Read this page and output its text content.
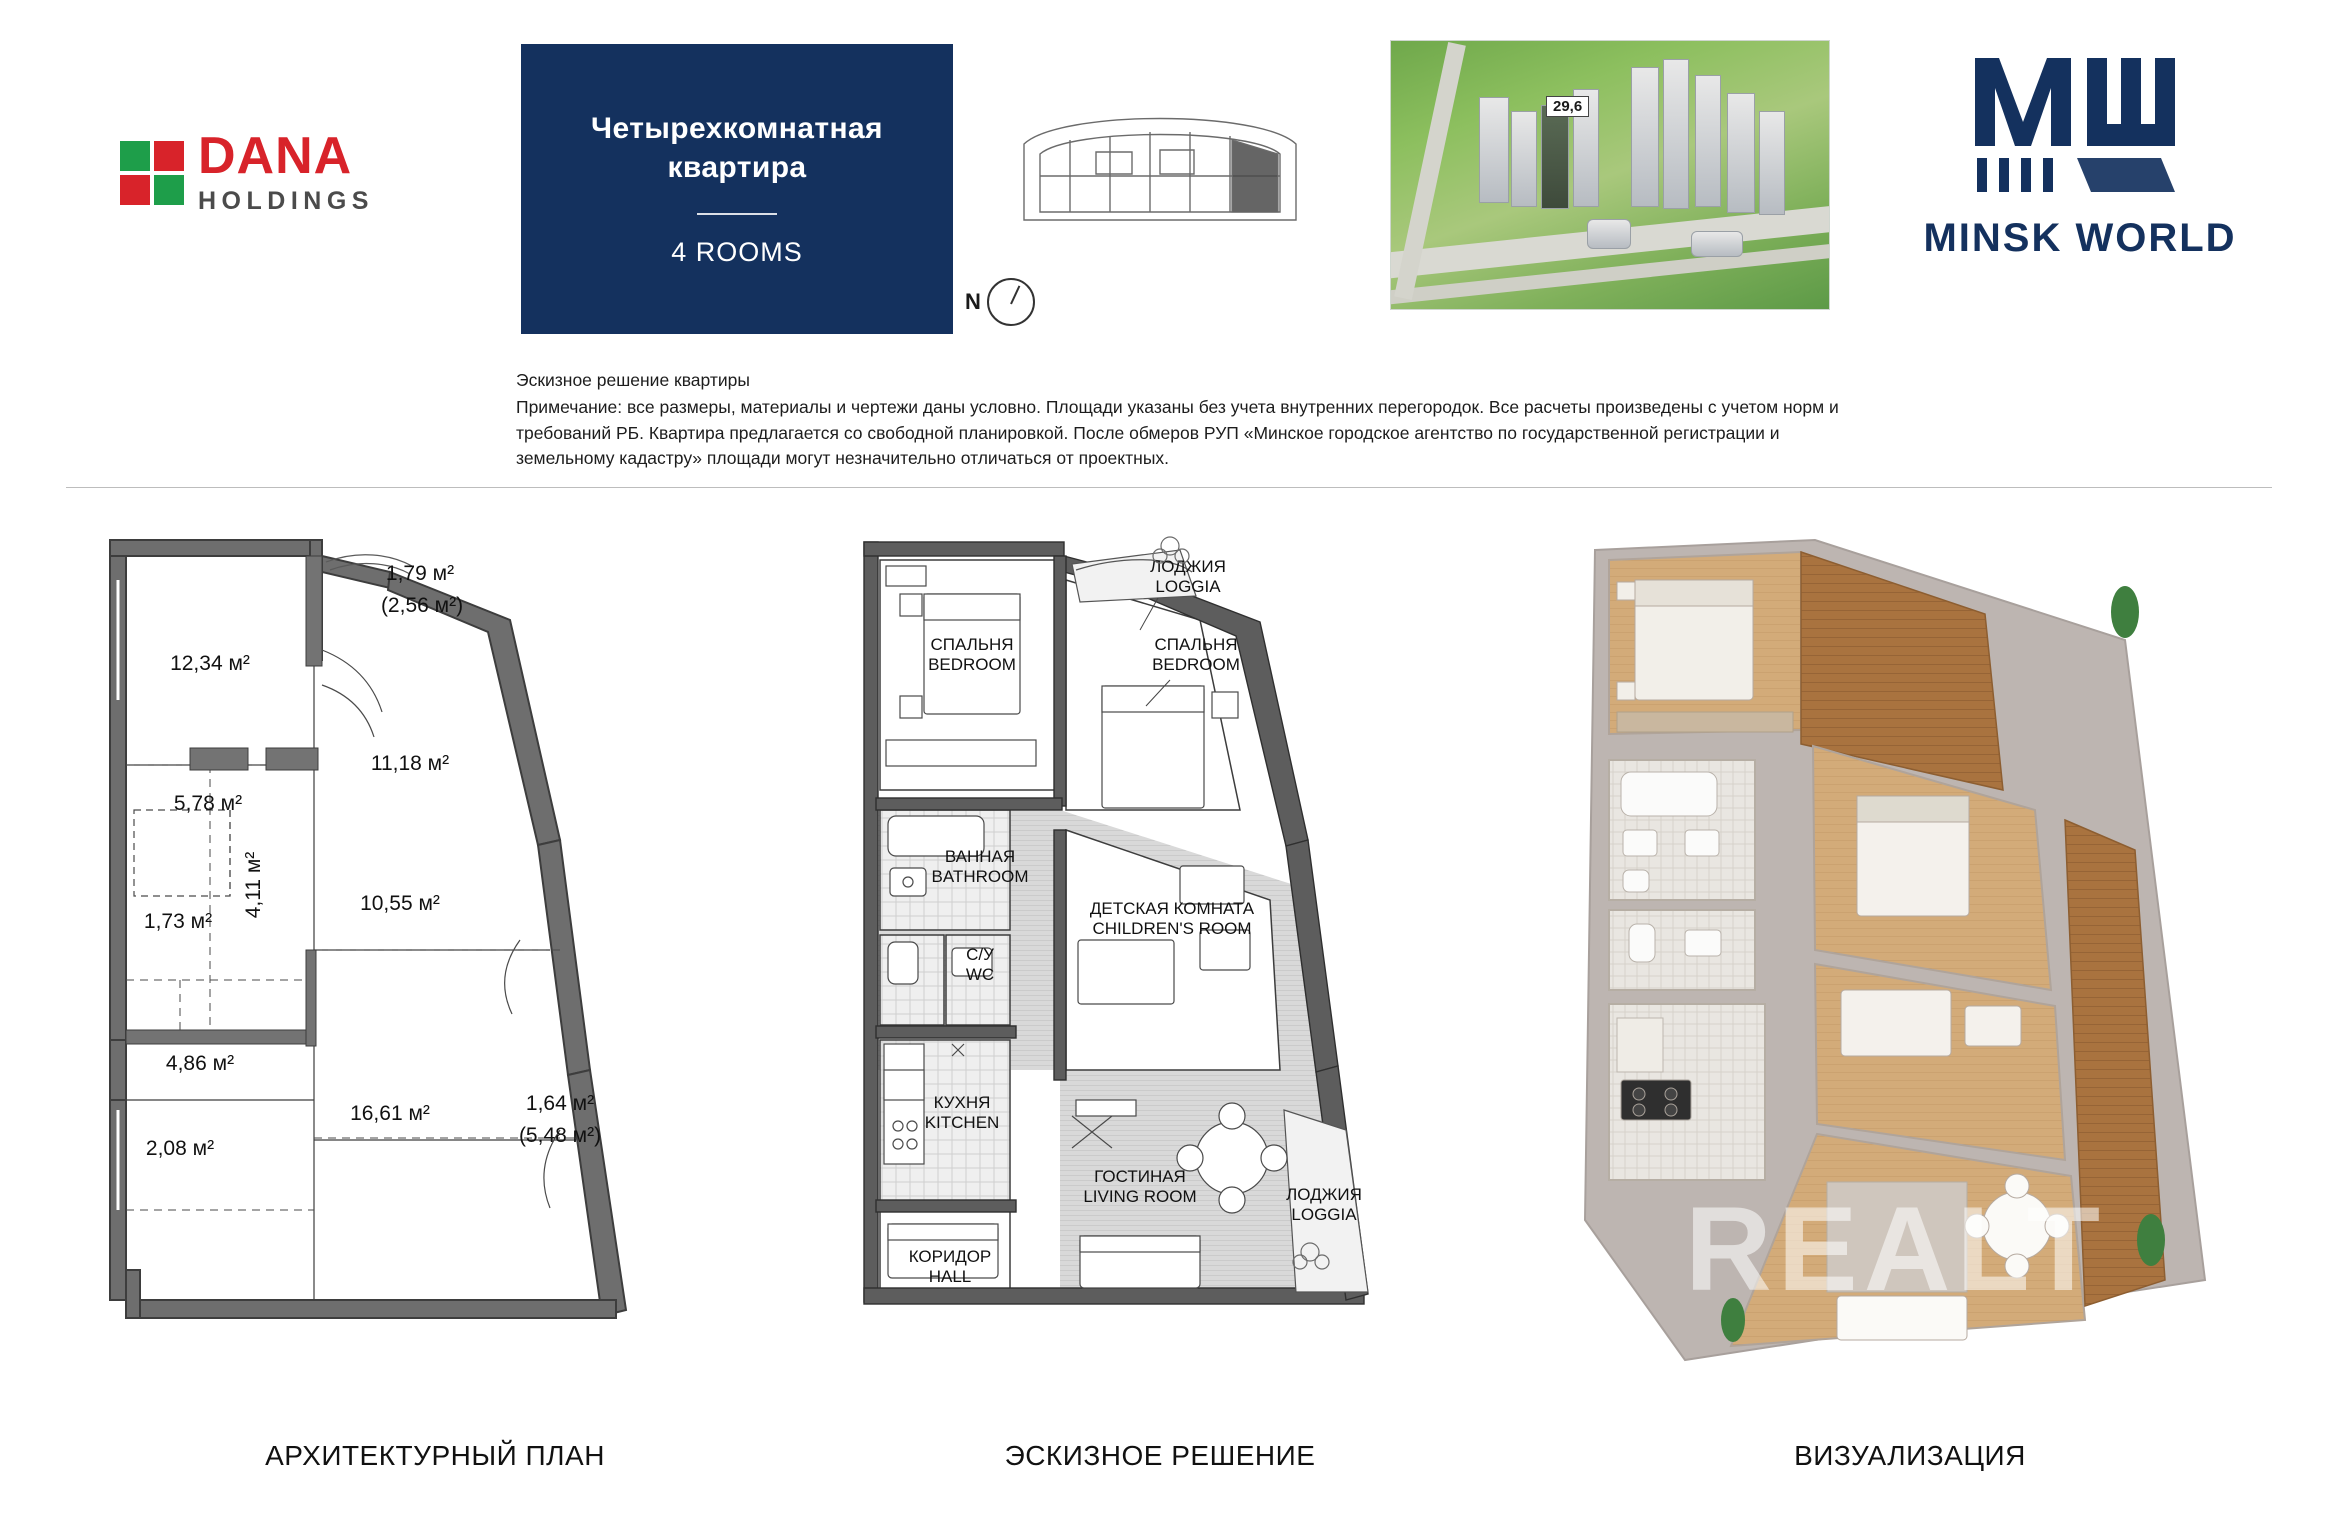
DANA
HOLDINGS
Четырехкомнатная
квартира
4 ROOMS
N
29,6
MINSK WORLD
Эскизное решение квартиры
Примечание: все размеры, материалы и чертежи даны условно. Площади указаны без учета внутренних перегородок. Все расчеты произведены с учетом норм и требований РБ. Квартира предлагается со свободной планировкой. После обмеров РУП «Минское городское агентство по государственной регистрации и земельному кадастру» площади могут незначительно отличаться от проектных.
12,34 м²
1,79 м²
(2,56 м²)
11,18 м²
5,78 м²
1,73 м²
10,55 м²
4,86 м²
16,61 м²
2,08 м²
1,64 м²
(5,48 м²)
4,11 м²
АРХИТЕКТУРНЫЙ ПЛАН
ЛОДЖИЯ
LOGGIA
СПАЛЬНЯ
BEDROOM
СПАЛЬНЯ
BEDROOM
ВАННАЯ
BATHROOM
С/У
WC
ДЕТСКАЯ КОМНАТА
CHILDREN'S ROOM
КУХНЯ
KITCHEN
ГОСТИНАЯ
LIVING ROOM	ЛОДЖИЯ
LOGGIA
КОРИДОР
HALL
ЭСКИЗНОЕ РЕШЕНИЕ
REALT
ВИЗУАЛИЗАЦИЯ
